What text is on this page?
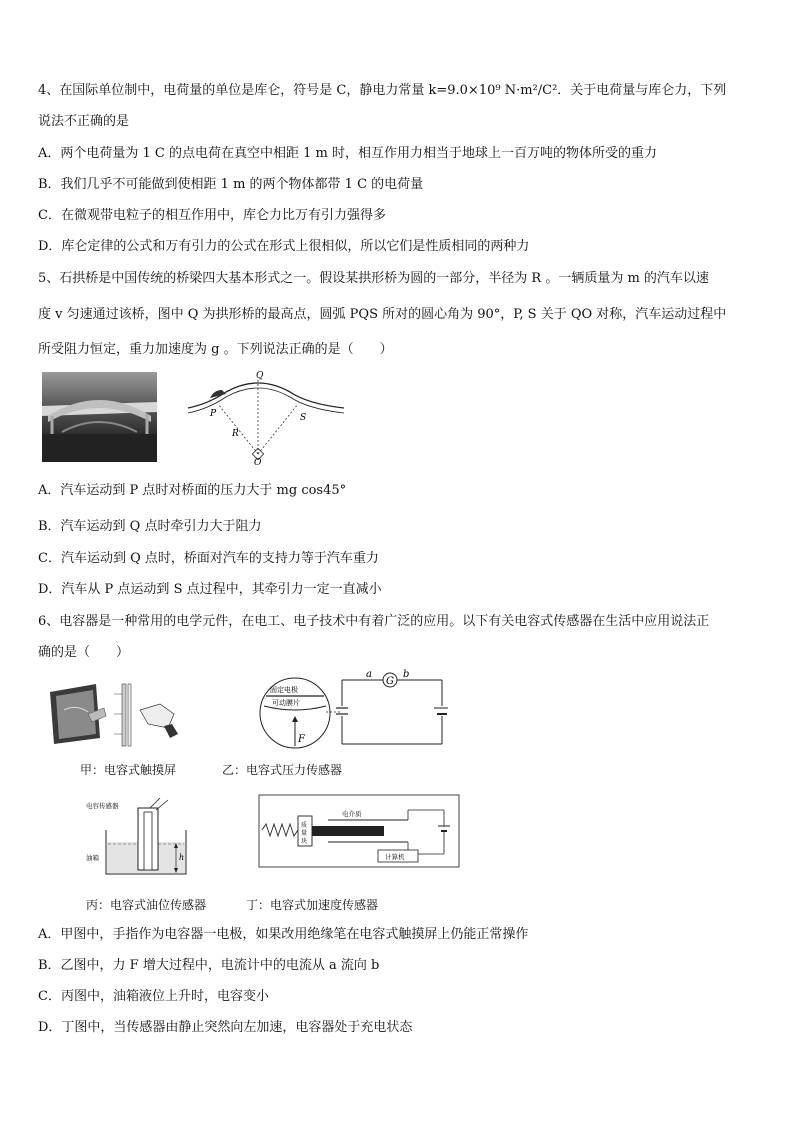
4、在国际单位制中，电荷量的单位是库仑，符号是 C，静电力常量 k=9.0×10⁹ N·m²/C²．关于电荷量与库仑力，下列
说法不正确的是
A．两个电荷量为 1 C 的点电荷在真空中相距 1 m 时，相互作用力相当于地球上一百万吨的物体所受的重力
B．我们几乎不可能做到使相距 1 m 的两个物体都带 1 C 的电荷量
C．在微观带电粒子的相互作用中，库仑力比万有引力强得多
D．库仑定律的公式和万有引力的公式在形式上很相似，所以它们是性质相同的两种力
5、石拱桥是中国传统的桥梁四大基本形式之一。假设某拱形桥为圆的一部分，半径为 R 。一辆质量为 m 的汽车以速
度 v 匀速通过该桥，图中 Q 为拱形桥的最高点，圆弧 PQS 所对的圆心角为 90°，P, S 关于 QO 对称，汽车运动过程中
所受阻力恒定，重力加速度为 g 。下列说法正确的是（　　）
Q
P	S
R
O
A．汽车运动到 P 点时对桥面的压力大于 mg cos45°
B．汽车运动到 Q 点时牵引力大于阻力
C．汽车运动到 Q 点时，桥面对汽车的支持力等于汽车重力
D．汽车从 P 点运动到 S 点过程中，其牵引力一定一直减小
6、电容器是一种常用的电学元件，在电工、电子技术中有着广泛的应用。以下有关电容式传感器在生活中应用说法正
确的是（　　）
固定电极
可动膜片
F
G
a	b
甲：电容式触摸屏	乙：电容式压力传感器
h
电容传感器
油箱
质
量
块
电介质
计算机
丙：电容式油位传感器	丁：电容式加速度传感器
A．甲图中，手指作为电容器一电极，如果改用绝缘笔在电容式触摸屏上仍能正常操作
B．乙图中，力 F 增大过程中，电流计中的电流从 a 流向 b
C．丙图中，油箱液位上升时，电容变小
D．丁图中，当传感器由静止突然向左加速，电容器处于充电状态
